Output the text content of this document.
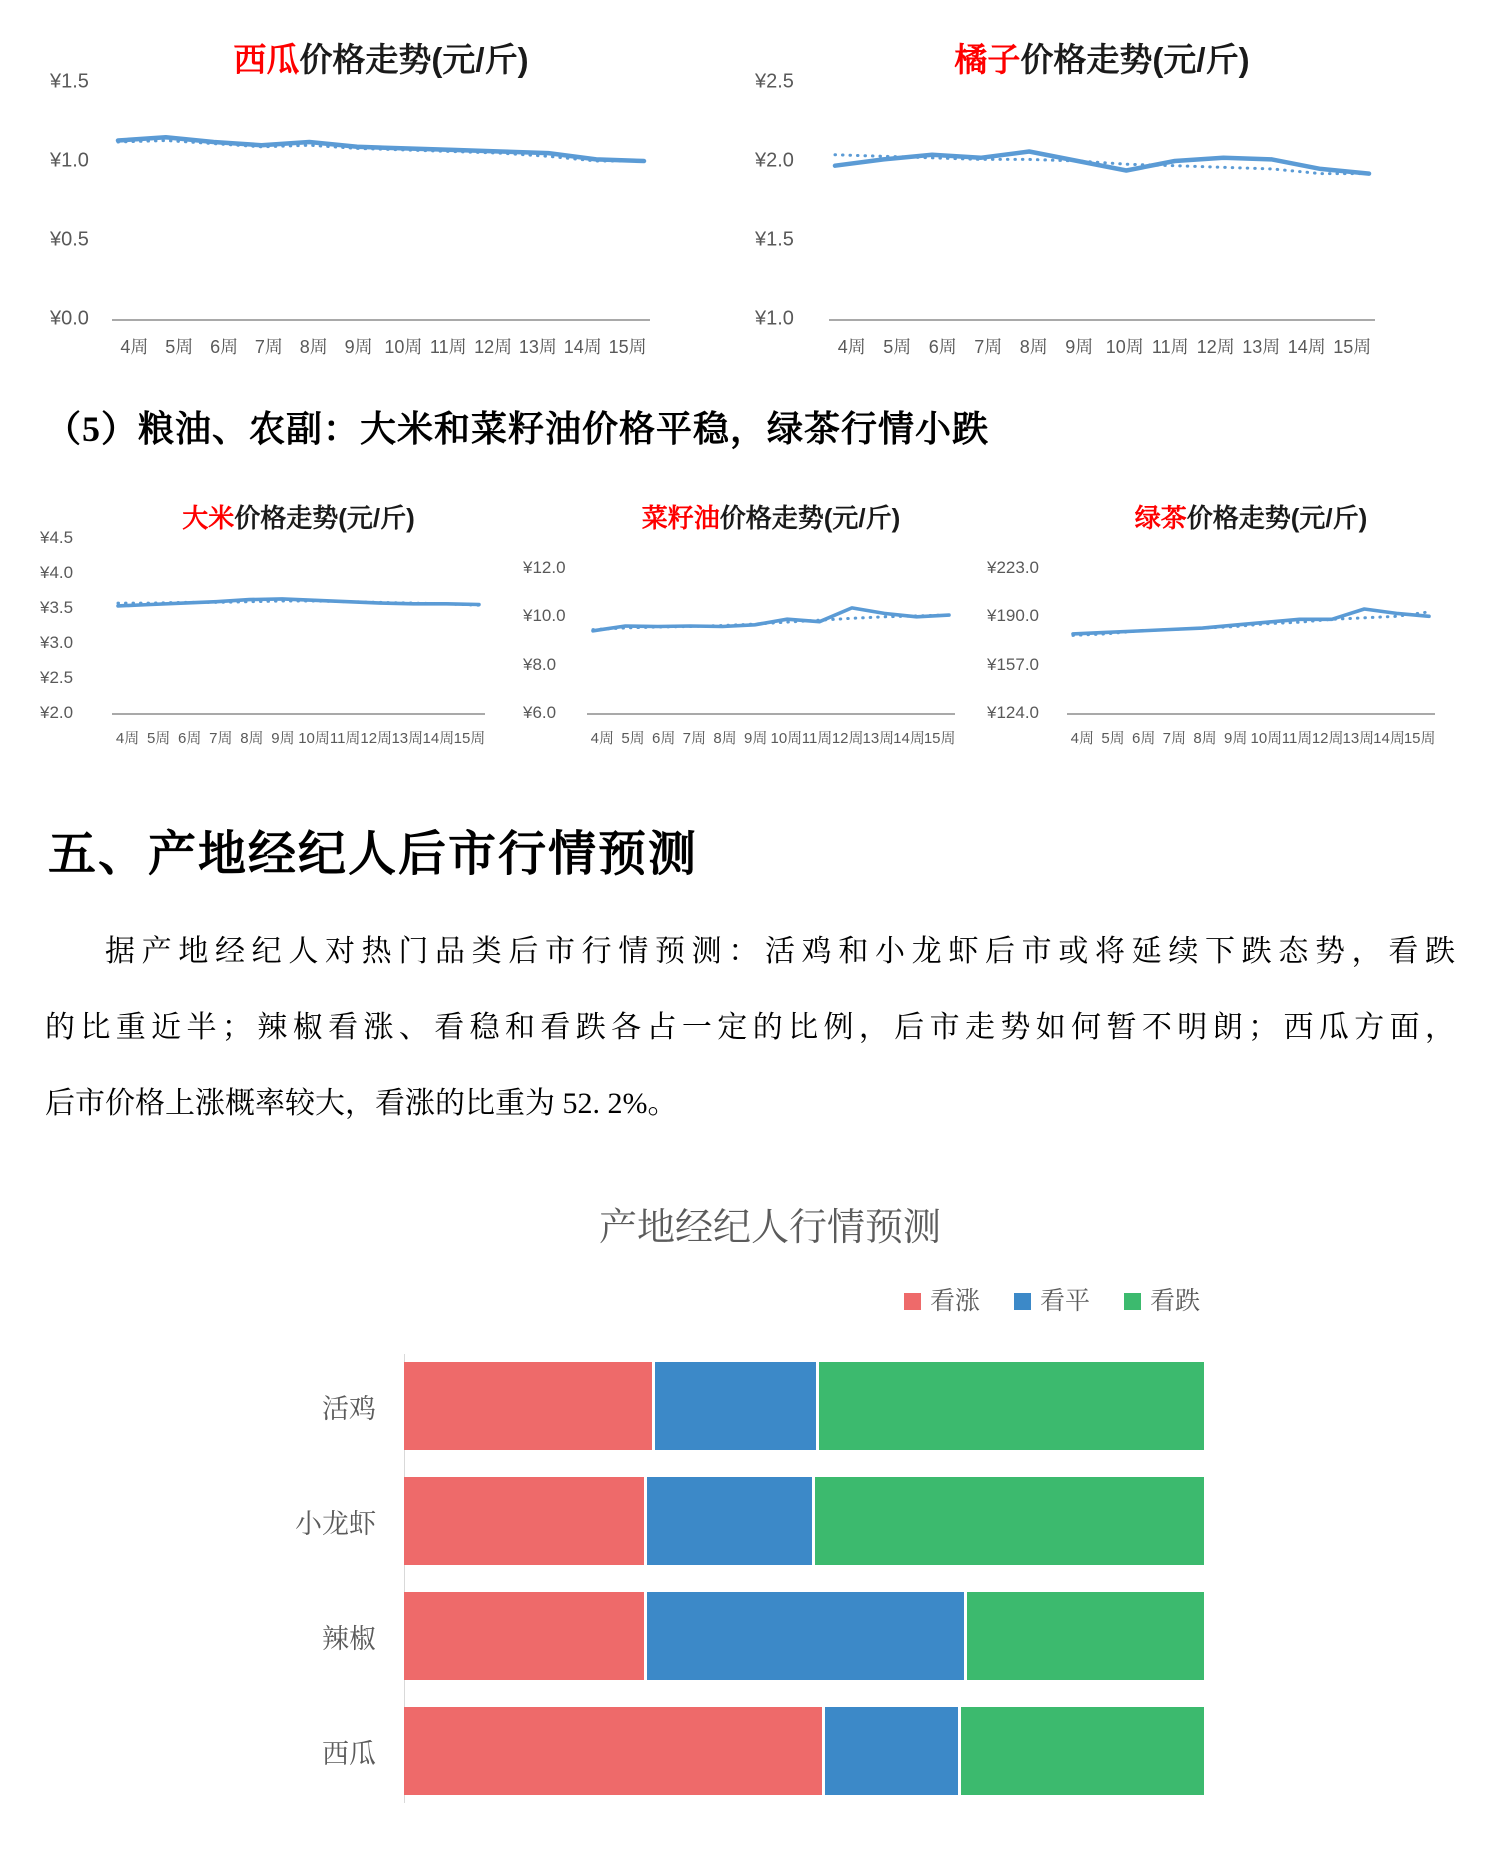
西瓜价格走势(元/斤)
¥1.5
¥1.0
¥0.5
¥0.0
4周 5周 6周 7周 8周 9周 10周 11周 12周 13周 14周 15周
橘子价格走势(元/斤)
¥2.5
¥2.0
¥1.5
¥1.0
4周 5周 6周 7周 8周 9周 10周 11周 12周 13周 14周 15周
（5）粮油、农副：大米和菜籽油价格平稳，绿茶行情小跌
大米价格走势(元/斤)
¥4.5
¥4.0
¥3.5
¥3.0
¥2.5
¥2.0
4周 5周 6周 7周 8周 9周 10周 11周 12周 13周 14周 15周
菜籽油价格走势(元/斤)
¥12.0
¥10.0
¥8.0
¥6.0
4周 5周 6周 7周 8周 9周 10周 11周 12周
13周
14周
15周
绿茶价格走势(元/斤)
¥223.0
¥190.0
¥157.0
¥124.0
4周 5周 6周 7周 8周 9周 10周 11周 12周
13周
14周
15周
五、产地经纪人后市行情预测
据产地经纪人对热门品类后市行情预测：活鸡和小龙虾后市或将延续下跌态势，看跌
的比重近半；辣椒看涨、看稳和看跌各占一定的比例，后市走势如何暂不明朗；西瓜方面，
后市价格上涨概率较大，看涨的比重为 52. 2%。
产地经纪人行情预测
看涨 看平 看跌
活鸡
小龙虾
辣椒
西瓜
